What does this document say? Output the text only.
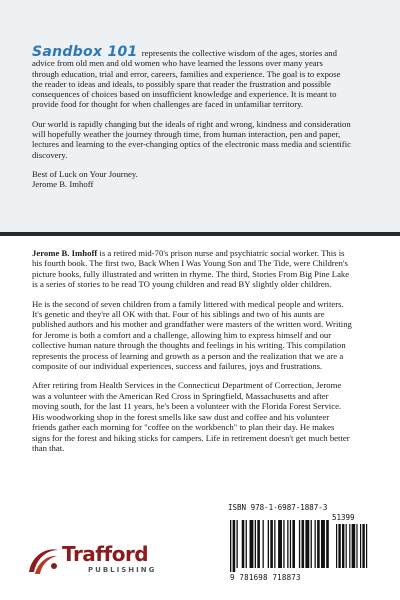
Sandbox 101 represents the collective wisdom of the ages, stories and advice from old men and old women who have learned the lessons over many years through education, trial and error, careers, families and experience. The goal is to expose the reader to ideas and ideals, to possibly spare that reader the frustration and possible consequences of choices based on insufficient knowledge and experience. It is meant to provide food for thought for when challenges are faced in unfamiliar territory.

Our world is rapidly changing but the ideals of right and wrong, kindness and consideration will hopefully weather the journey through time, from human interaction, pen and paper, lectures and learning to the ever-changing optics of the electronic mass media and scientific discovery.

Best of Luck on Your Journey.

Jerome B. Imhoff

Jerome B. Imhoff is a retired mid-70's prison nurse and psychiatric social worker. This is his fourth book. The first two, Back When I Was Young Son and The Tide, were Children's picture books, fully illustrated and written in rhyme. The third, Stories From Big Pine Lake is a series of stories to be read TO young children and read BY slightly older children.

He is the second of seven children from a family littered with medical people and writers. It's genetic and they're all OK with that. Four of his siblings and two of his aunts are published authors and his mother and grandfather were masters of the written word. Writing for Jerome is both a comfort and a challenge, allowing him to express himself and our collective human nature through the thoughts and feelings in his writing. This compilation represents the process of learning and growth as a person and the realization that we are a composite of our individual experiences, success and failures, joys and frustrations.

After retiring from Health Services in the Connecticut Department of Correction, Jerome was a volunteer with the American Red Cross in Springfield, Massachusetts and after moving south, for the last 11 years, he's been a volunteer with the Florida Forest Service. His woodworking shop in the forest smells like saw dust and coffee and his volunteer friends gather each morning for "coffee on the workbench" to plan their day. He makes signs for the forest and hiking sticks for campers. Life in retirement doesn't get much better than that.

Trafford
PUBLISHING
ISBN 978-1-6987-1887-3
51399
9 781698 718873
